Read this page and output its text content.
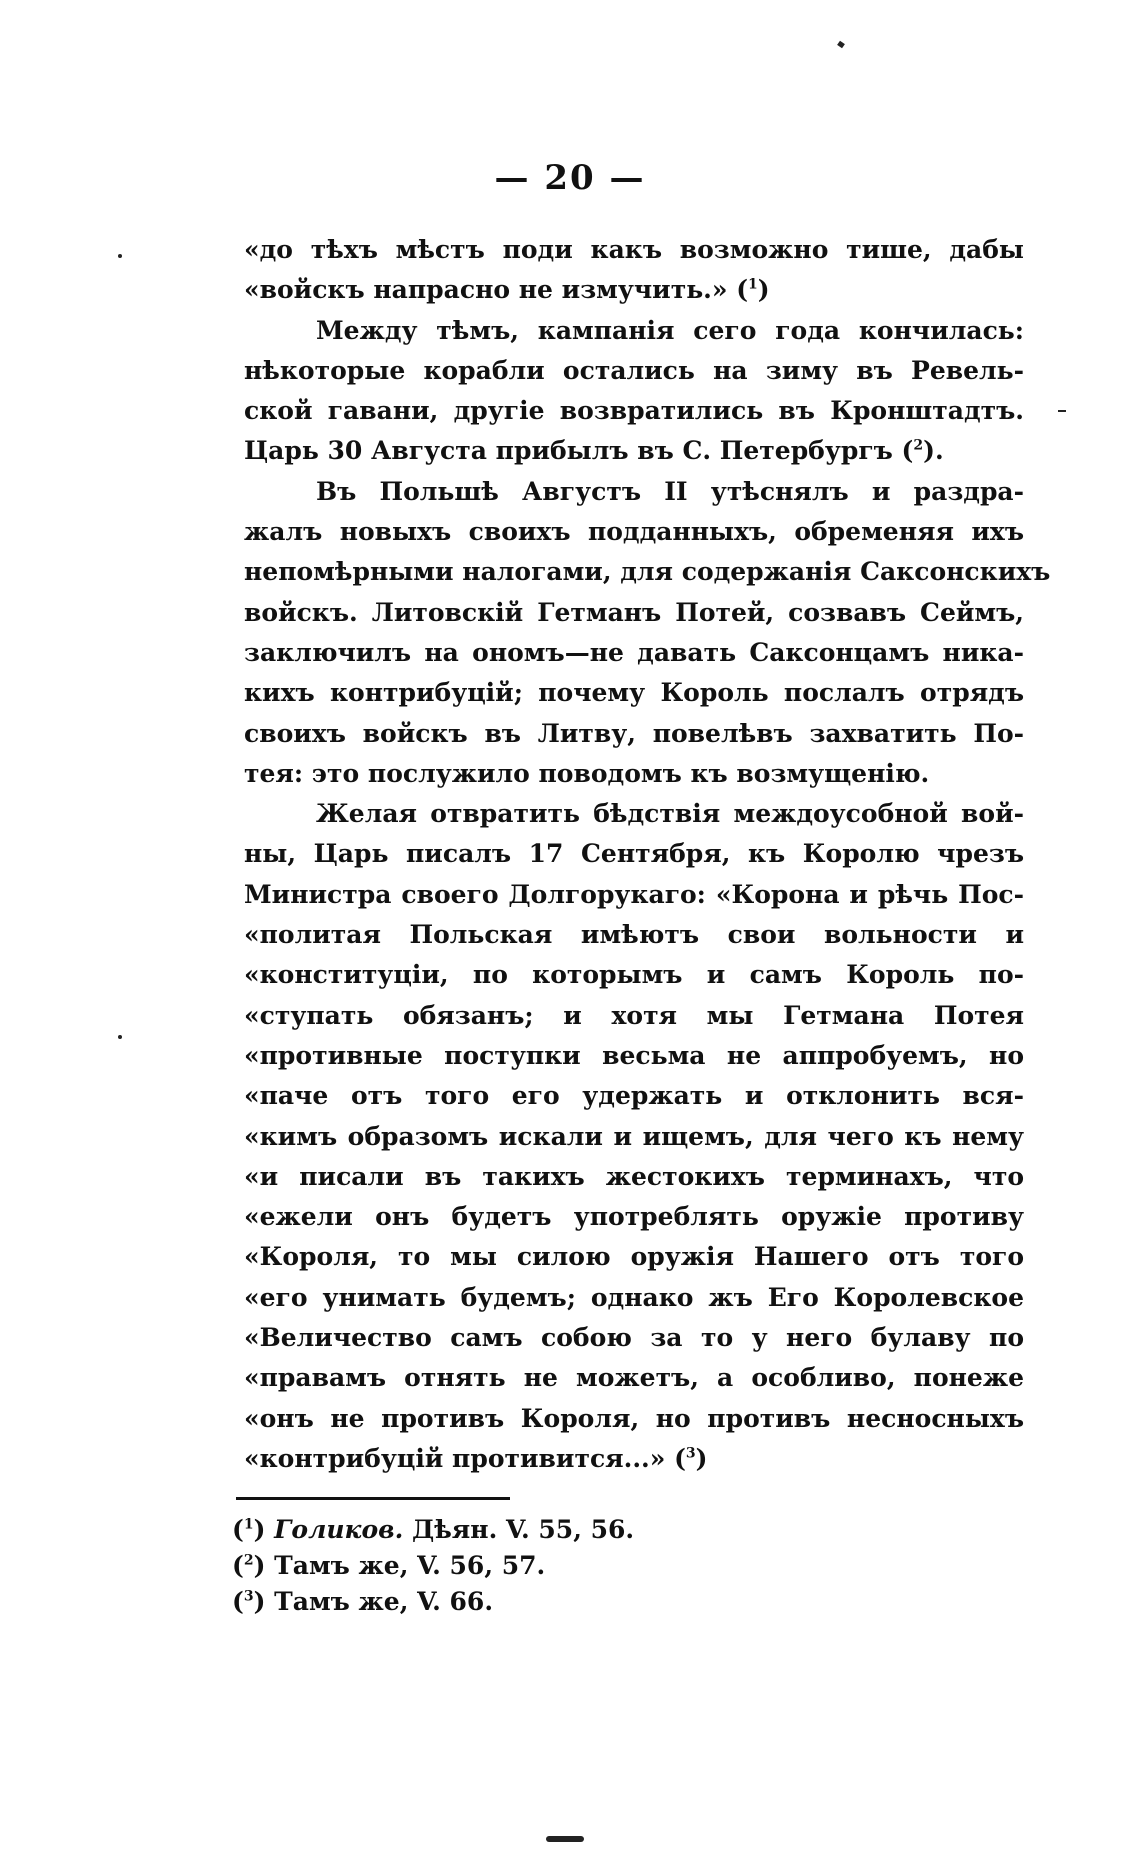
— 20 —
«до тѣхъ мѣстъ поди какъ возможно тише, дабы
«войскъ напрасно не измучить.» ($^1$)
Между тѣмъ, кампанія сего года кончилась:
нѣкоторые корабли остались на зиму въ Ревель-
ской гавани, другіе возвратились въ Кронштадтъ.
Царь 30 Августа прибылъ въ С. Петербургъ ($^2$).
Въ Польшѣ Августъ II утѣснялъ и раздра-
жалъ новыхъ своихъ подданныхъ, обременяя ихъ
непомѣрными налогами, для содержанія Саксонскихъ
войскъ. Литовскій Гетманъ Потей, созвавъ Сеймъ,
заключилъ на ономъ—не давать Саксонцамъ ника-
кихъ контрибуцій; почему Король послалъ отрядъ
своихъ войскъ въ Литву, повелѣвъ захватить По-
тея: это послужило поводомъ къ возмущенію.
Желая отвратить бѣдствія междоусобной вой-
ны, Царь писалъ 17 Сентября, къ Королю чрезъ
Министра своего Долгорукаго: «Корона и рѣчь Пос-
«политая Польская имѣютъ свои вольности и
«конституціи, по которымъ и самъ Король по-
«ступать обязанъ; и хотя мы Гетмана Потея
«противные поступки весьма не аппробуемъ, но
«паче отъ того его удержать и отклонить вся-
«кимъ образомъ искали и ищемъ, для чего къ нему
«и писали въ такихъ жестокихъ терминахъ, что
«ежели онъ будетъ употреблять оружіе противу
«Короля, то мы силою оружія Нашего отъ того
«его унимать будемъ; однако жъ Его Королевское
«Величество самъ собою за то у него булаву по
«правамъ отнять не можетъ, а особливо, понеже
«онъ не противъ Короля, но противъ несносныхъ
«контрибуцій противится...» ($^3$)
($^1$) Голиков. Дѣян. V. 55, 56.
($^2$) Тамъ же, V. 56, 57.
($^3$) Тамъ же, V. 66.
